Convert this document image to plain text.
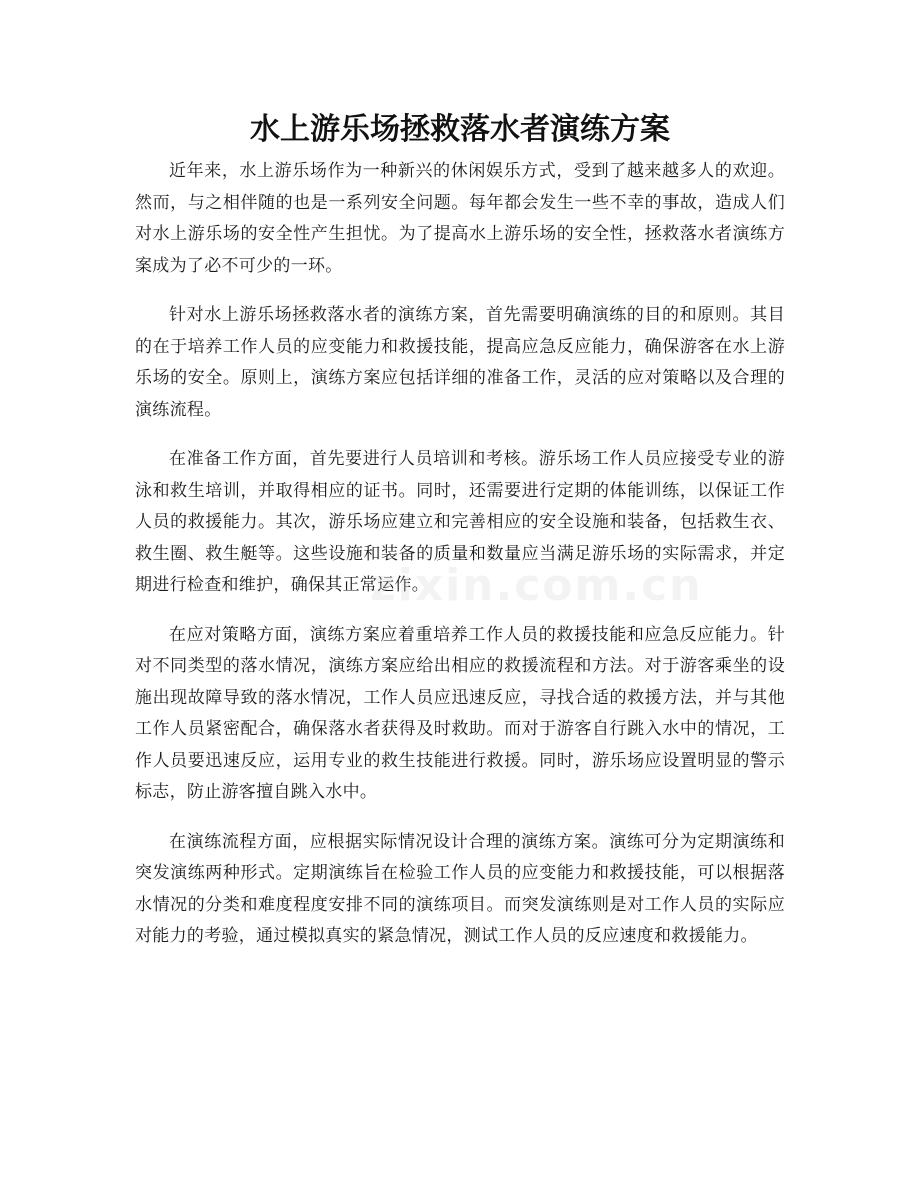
水上游乐场拯救落水者演练方案

近年来，水上游乐场作为一种新兴的休闲娱乐方式，受到了越来越多人的欢迎。然而，与之相伴随的也是一系列安全问题。每年都会发生一些不幸的事故，造成人们对水上游乐场的安全性产生担忧。为了提高水上游乐场的安全性，拯救落水者演练方案成为了必不可少的一环。

针对水上游乐场拯救落水者的演练方案，首先需要明确演练的目的和原则。其目的在于培养工作人员的应变能力和救援技能，提高应急反应能力，确保游客在水上游乐场的安全。原则上，演练方案应包括详细的准备工作，灵活的应对策略以及合理的演练流程。

在准备工作方面，首先要进行人员培训和考核。游乐场工作人员应接受专业的游泳和救生培训，并取得相应的证书。同时，还需要进行定期的体能训练，以保证工作人员的救援能力。其次，游乐场应建立和完善相应的安全设施和装备，包括救生衣、救生圈、救生艇等。这些设施和装备的质量和数量应当满足游乐场的实际需求，并定期进行检查和维护，确保其正常运作。

在应对策略方面，演练方案应着重培养工作人员的救援技能和应急反应能力。针对不同类型的落水情况，演练方案应给出相应的救援流程和方法。对于游客乘坐的设施出现故障导致的落水情况，工作人员应迅速反应，寻找合适的救援方法，并与其他工作人员紧密配合，确保落水者获得及时救助。而对于游客自行跳入水中的情况，工作人员要迅速反应，运用专业的救生技能进行救援。同时，游乐场应设置明显的警示标志，防止游客擅自跳入水中。

在演练流程方面，应根据实际情况设计合理的演练方案。演练可分为定期演练和突发演练两种形式。定期演练旨在检验工作人员的应变能力和救援技能，可以根据落水情况的分类和难度程度安排不同的演练项目。而突发演练则是对工作人员的实际应对能力的考验，通过模拟真实的紧急情况，测试工作人员的反应速度和救援能力。

zixin.com.cn
